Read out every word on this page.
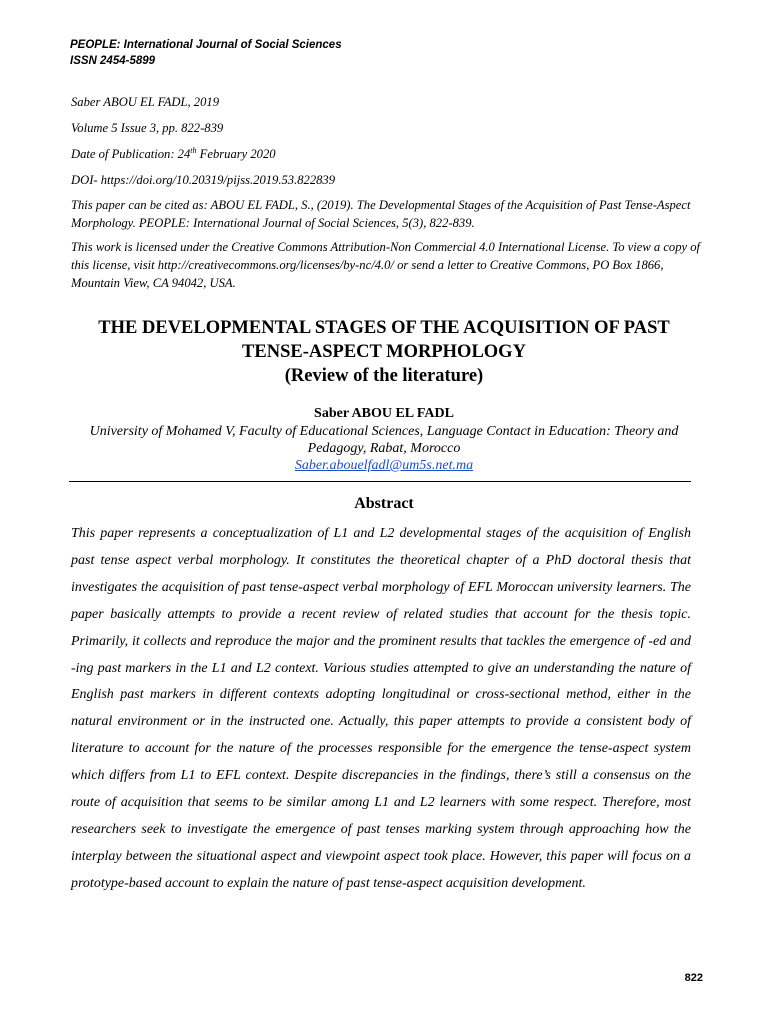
PEOPLE: International Journal of Social Sciences
ISSN 2454-5899
Saber ABOU EL FADL, 2019
Volume 5 Issue 3, pp. 822-839
Date of Publication: 24th February 2020
DOI- https://doi.org/10.20319/pijss.2019.53.822839
This paper can be cited as: ABOU EL FADL, S., (2019). The Developmental Stages of the Acquisition of Past Tense-Aspect Morphology. PEOPLE: International Journal of Social Sciences, 5(3), 822-839.
This work is licensed under the Creative Commons Attribution-Non Commercial 4.0 International License. To view a copy of this license, visit http://creativecommons.org/licenses/by-nc/4.0/ or send a letter to Creative Commons, PO Box 1866, Mountain View, CA 94042, USA.
THE DEVELOPMENTAL STAGES OF THE ACQUISITION OF PAST
TENSE-ASPECT MORPHOLOGY
(Review of the literature)
Saber ABOU EL FADL
University of Mohamed V, Faculty of Educational Sciences, Language Contact in Education: Theory and Pedagogy, Rabat, Morocco
Saber.abouelfadl@um5s.net.ma
Abstract

This paper represents a conceptualization of L1 and L2 developmental stages of the acquisition of English past tense aspect verbal morphology. It constitutes the theoretical chapter of a PhD doctoral thesis that investigates the acquisition of past tense-aspect verbal morphology of EFL Moroccan university learners. The paper basically attempts to provide a recent review of related studies that account for the thesis topic. Primarily, it collects and reproduce the major and the prominent results that tackles the emergence of -ed and -ing past markers in the L1 and L2 context. Various studies attempted to give an understanding the nature of English past markers in different contexts adopting longitudinal or cross-sectional method, either in the natural environment or in the instructed one. Actually, this paper attempts to provide a consistent body of literature to account for the nature of the processes responsible for the emergence the tense-aspect system which differs from L1 to EFL context. Despite discrepancies in the findings, there’s still a consensus on the route of acquisition that seems to be similar among L1 and L2 learners with some respect. Therefore, most researchers seek to investigate the emergence of past tenses marking system through approaching how the interplay between the situational aspect and viewpoint aspect took place. However, this paper will focus on a prototype-based account to explain the nature of past tense-aspect acquisition development.

822
